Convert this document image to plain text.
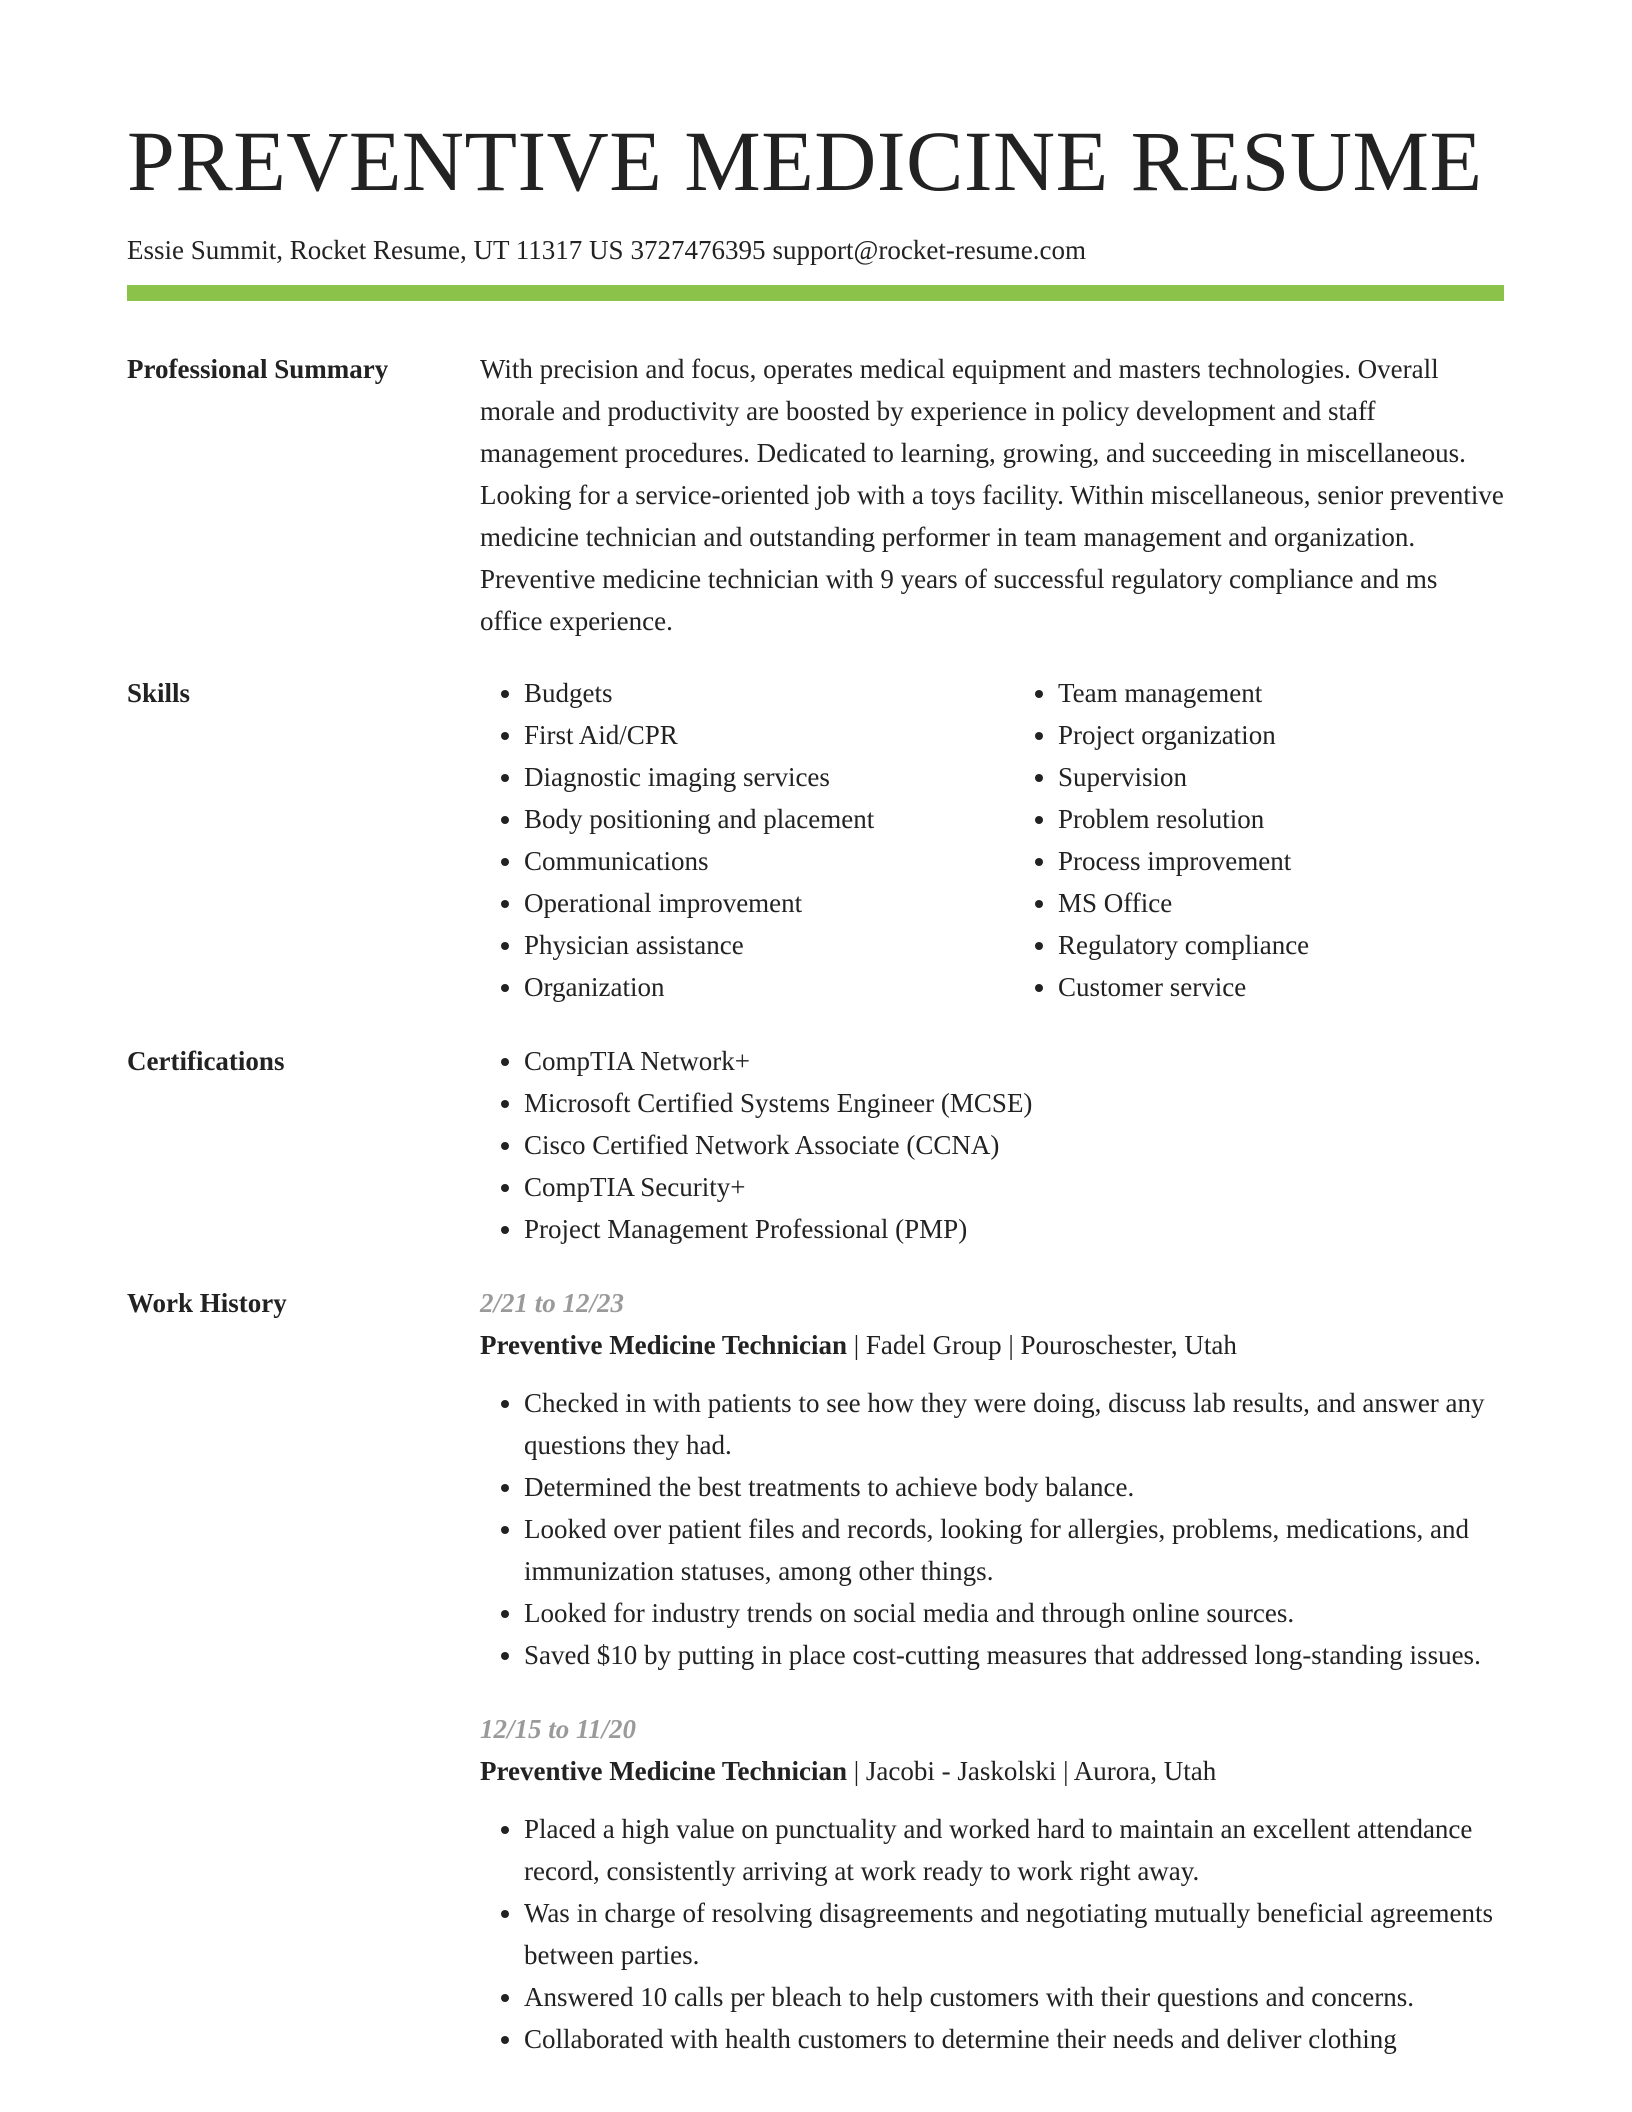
PREVENTIVE MEDICINE RESUME
Essie Summit, Rocket Resume, UT 11317 US 3727476395 support@rocket-resume.com
Professional Summary	With precision and focus, operates medical equipment and masters technologies. Overall morale and productivity are boosted by experience in policy development and staff management procedures. Dedicated to learning, growing, and succeeding in miscellaneous. Looking for a service-oriented job with a toys facility. Within miscellaneous, senior preventive medicine technician and outstanding performer in team management and organization. Preventive medicine technician with 9 years of successful regulatory compliance and ms office experience.

Skills	• Budgets
• First Aid/CPR
• Diagnostic imaging services
• Body positioning and placement
• Communications
• Operational improvement
• Physician assistance
• Organization
• Team management
• Project organization
• Supervision
• Problem resolution
• Process improvement
• MS Office
• Regulatory compliance
• Customer service
Certifications	• CompTIA Network+
• Microsoft Certified Systems Engineer (MCSE)
• Cisco Certified Network Associate (CCNA)
• CompTIA Security+
• Project Management Professional (PMP)
Work History	2/21 to 12/23
Preventive Medicine Technician | Fadel Group | Pouroschester, Utah
• Checked in with patients to see how they were doing, discuss lab results, and answer any questions they had.
• Determined the best treatments to achieve body balance.
• Looked over patient files and records, looking for allergies, problems, medications, and immunization statuses, among other things.
• Looked for industry trends on social media and through online sources.
• Saved $10 by putting in place cost-cutting measures that addressed long-standing issues.
12/15 to 11/20
Preventive Medicine Technician | Jacobi - Jaskolski | Aurora, Utah
• Placed a high value on punctuality and worked hard to maintain an excellent attendance record, consistently arriving at work ready to work right away.
• Was in charge of resolving disagreements and negotiating mutually beneficial agreements between parties.
• Answered 10 calls per bleach to help customers with their questions and concerns.
• Collaborated with health customers to determine their needs and deliver clothing
